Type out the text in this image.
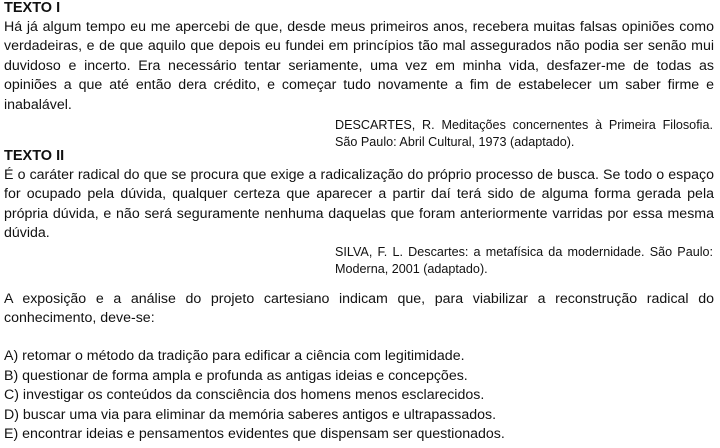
TEXTO I
Há já algum tempo eu me apercebi de que, desde meus primeiros anos, recebera muitas falsas opiniões como verdadeiras, e de que aquilo que depois eu fundei em princípios tão mal assegurados não podia ser senão mui duvidoso e incerto. Era necessário tentar seriamente, uma vez em minha vida, desfazer-me de todas as opiniões a que até então dera crédito, e começar tudo novamente a fim de estabelecer um saber firme e inabalável.
DESCARTES, R. Meditações concernentes à Primeira Filosofia. São Paulo: Abril Cultural, 1973 (adaptado).
TEXTO II
É o caráter radical do que se procura que exige a radicalização do próprio processo de busca. Se todo o espaço for ocupado pela dúvida, qualquer certeza que aparecer a partir daí terá sido de alguma forma gerada pela própria dúvida, e não será seguramente nenhuma daquelas que foram anteriormente varridas por essa mesma dúvida.
SILVA, F. L. Descartes: a metafísica da modernidade. São Paulo: Moderna, 2001 (adaptado).
A exposição e a análise do projeto cartesiano indicam que, para viabilizar a reconstrução radical do conhecimento, deve-se:
A) retomar o método da tradição para edificar a ciência com legitimidade.
B) questionar de forma ampla e profunda as antigas ideias e concepções.
C) investigar os conteúdos da consciência dos homens menos esclarecidos.
D) buscar uma via para eliminar da memória saberes antigos e ultrapassados.
E) encontrar ideias e pensamentos evidentes que dispensam ser questionados.
